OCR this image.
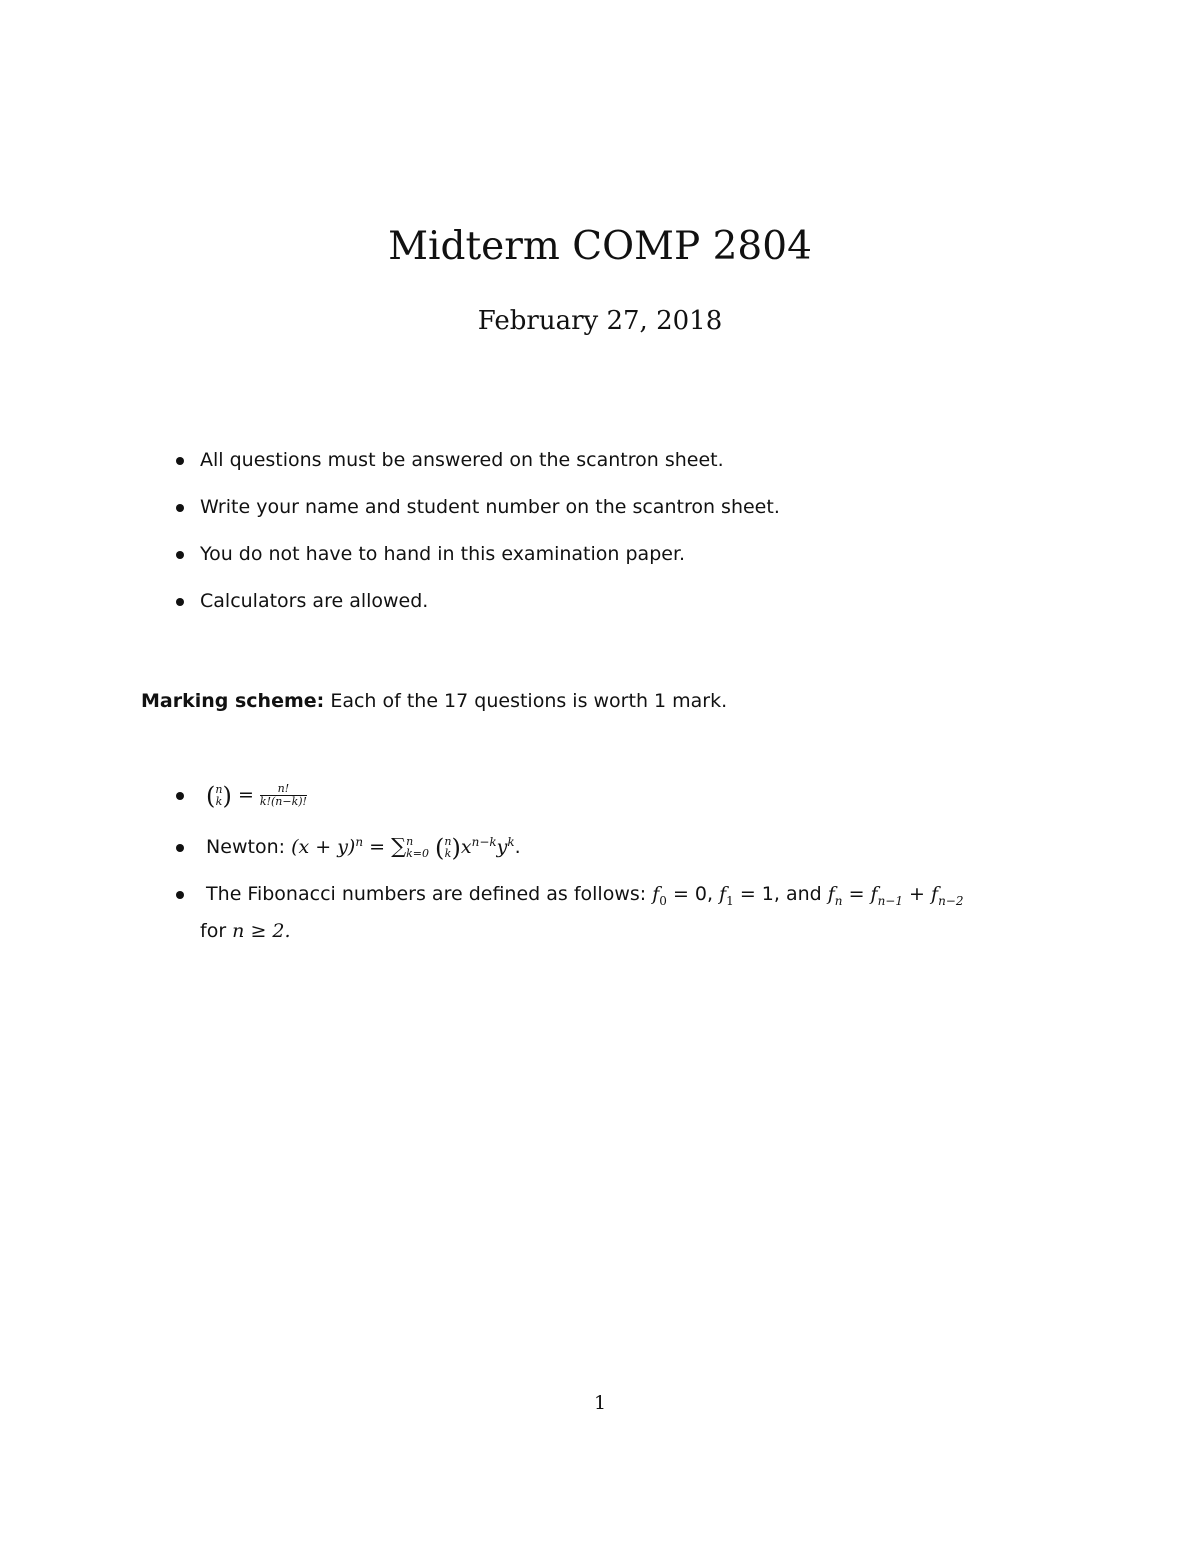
Midterm COMP 2804
February 27, 2018
All questions must be answered on the scantron sheet.
Write your name and student number on the scantron sheet.
You do not have to hand in this examination paper.
Calculators are allowed.
Marking scheme: Each of the 17 questions is worth 1 mark.

( n
k ) = $\frac{n!}{k!(n-k)!}$
Newton: $(x + y)^n$ = ∑ n
k=0
( n
k ) $x^{n-k}y^k$.
The Fibonacci numbers are defined as follows: $f_0 = 0$, $f_1 = 1$, and $f_n = f_{n-1} + f_{n-2}$
for n ≥ 2.
1
